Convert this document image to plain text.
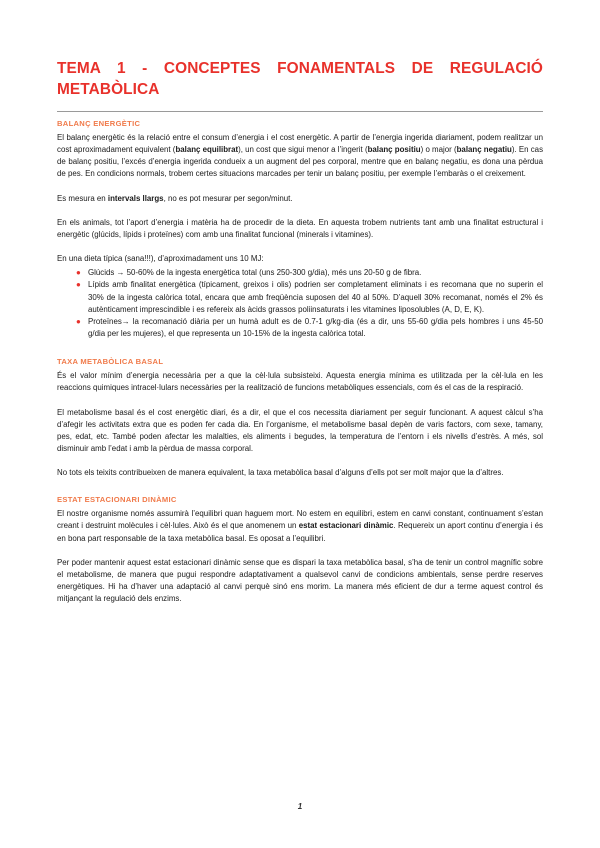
TEMA 1 - CONCEPTES FONAMENTALS DE REGULACIÓ METABÒLICA
BALANÇ ENERGÈTIC

El balanç energètic és la relació entre el consum d’energia i el cost energètic. A partir de l’energia ingerida diariament, podem realitzar un cost aproximadament equivalent (balanç equilibrat), un cost que sigui menor a l’ingerit (balanç positiu) o major (balanç negatiu). En cas de balanç positiu, l’excés d’energia ingerida condueix a un augment del pes corporal, mentre que en balanç negatiu, es dona una pèrdua de pes. En condicions normals, trobem certes situacions marcades per tenir un balanç positiu, per exemple l’embaràs o el creixement.

Es mesura en intervals llargs, no es pot mesurar per segon/minut.

En els animals, tot l’aport d’energia i matèria ha de procedir de la dieta. En aquesta trobem nutrients tant amb una finalitat estructural i energètic (glúcids, lípids i proteïnes) com amb una finalitat funcional (minerals i vitamines).

En una dieta típica (sana!!!), d’aproximadament uns 10 MJ:

● Glúcids → 50-60% de la ingesta energètica total (uns 250-300 g/dia), més uns 20-50 g de fibra.
● Lípids amb finalitat energètica (típicament, greixos i olis) podrien ser completament eliminats i es recomana que no superin el 30% de la ingesta calòrica total, encara que amb freqüència suposen del 40 al 50%. D’aquell 30% recomanat, només el 2% és autènticament imprescindible i es refereix als àcids grassos poliinsaturats i les vitamines liposolubles (A, D, E, K).
● Proteïnes→ la recomanació diària per un humà adult es de 0.7-1 g/kg·dia (és a dir, uns 55-60 g/dia pels hombres i uns 45-50 g/dia per les mujeres), el que representa un 10-15% de la ingesta calòrica total.
TAXA METABÒLICA BASAL

És el valor mínim d’energia necessària per a que la cèl·lula subsisteixi. Aquesta energia mínima es utilitzada per la cèl·lula en les reaccions quimiques intracel·lulars necessàries per la realització de funcions metabòliques essencials, com és el cas de la respiració.

El metabolisme basal és el cost energètic diari, és a dir, el que el cos necessita diariament per seguir funcionant. A aquest càlcul s’ha d’afegir les activitats extra que es poden fer cada dia. En l’organisme, el metabolisme basal depèn de varis factors, com sexe, tamany, pes, edat, etc. També poden afectar les malalties, els aliments i begudes, la temperatura de l’entorn i els nivells d’estrès. A més, sol disminuir amb l’edat i amb la pèrdua de massa corporal.

No tots els teixits contribueixen de manera equivalent, la taxa metabòlica basal d’alguns d’ells pot ser molt major que la d’altres.

ESTAT ESTACIONARI DINÀMIC

El nostre organisme només assumirà l’equilibri quan haguem mort. No estem en equilibri, estem en canvi constant, continuament s’estan creant i destruint molècules i cèl·lules. Això és el que anomenem un estat estacionari dinàmic. Requereix un aport continu d’energia i és en bona part responsable de la taxa metabòlica basal. Es oposat a l’equilibri.

Per poder mantenir aquest estat estacionari dinàmic sense que es dispari la taxa metabòlica basal, s’ha de tenir un control magnífic sobre el metabolisme, de manera que pugui respondre adaptativament a qualsevol canvi de condicions ambientals, sense perdre reserves energètiques. Hi ha d’haver una adaptació al canvi perquè sinó ens morim. La manera més eficient de dur a terme aquest control és mitjançant la regulació dels enzims.

1
